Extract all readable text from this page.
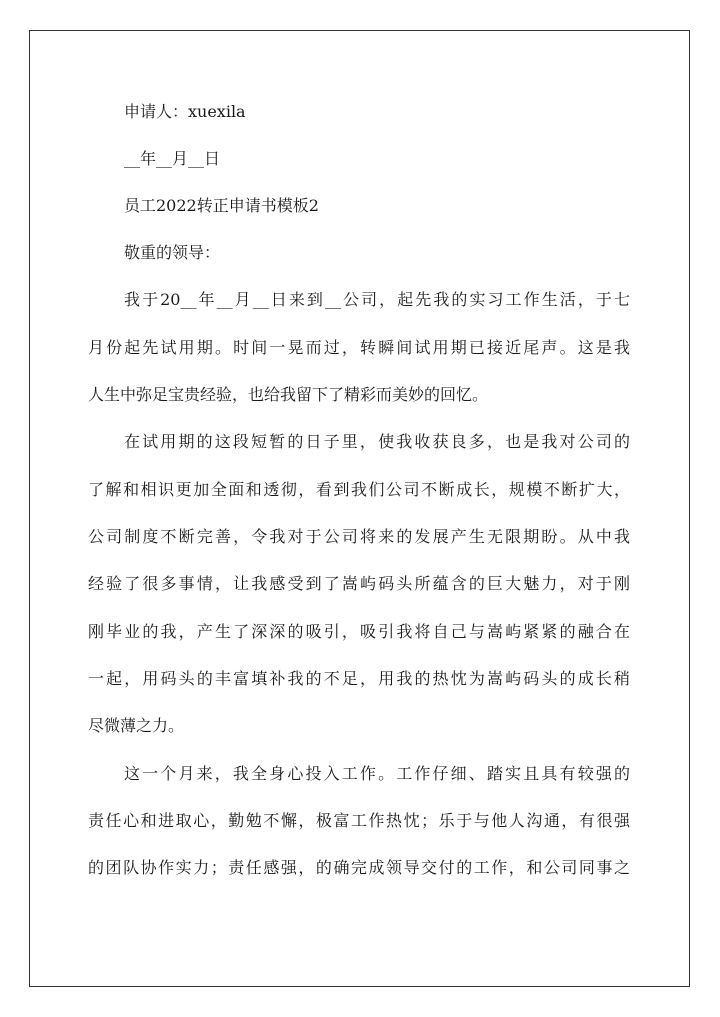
申请人：xuexila
__年__月__日
员工2022转正申请书模板2
敬重的领导：
我于20__年__月__日来到__公司，起先我的实习工作生活，于七
月份起先试用期。时间一晃而过，转瞬间试用期已接近尾声。这是我
人生中弥足宝贵经验，也给我留下了精彩而美妙的回忆。
在试用期的这段短暂的日子里，使我收获良多，也是我对公司的
了解和相识更加全面和透彻，看到我们公司不断成长，规模不断扩大，
公司制度不断完善，令我对于公司将来的发展产生无限期盼。从中我
经验了很多事情，让我感受到了嵩屿码头所蕴含的巨大魅力，对于刚
刚毕业的我，产生了深深的吸引，吸引我将自己与嵩屿紧紧的融合在
一起，用码头的丰富填补我的不足，用我的热忱为嵩屿码头的成长稍
尽微薄之力。
这一个月来，我全身心投入工作。工作仔细、踏实且具有较强的
责任心和进取心，勤勉不懈，极富工作热忱；乐于与他人沟通，有很强
的团队协作实力；责任感强，的确完成领导交付的工作，和公司同事之
